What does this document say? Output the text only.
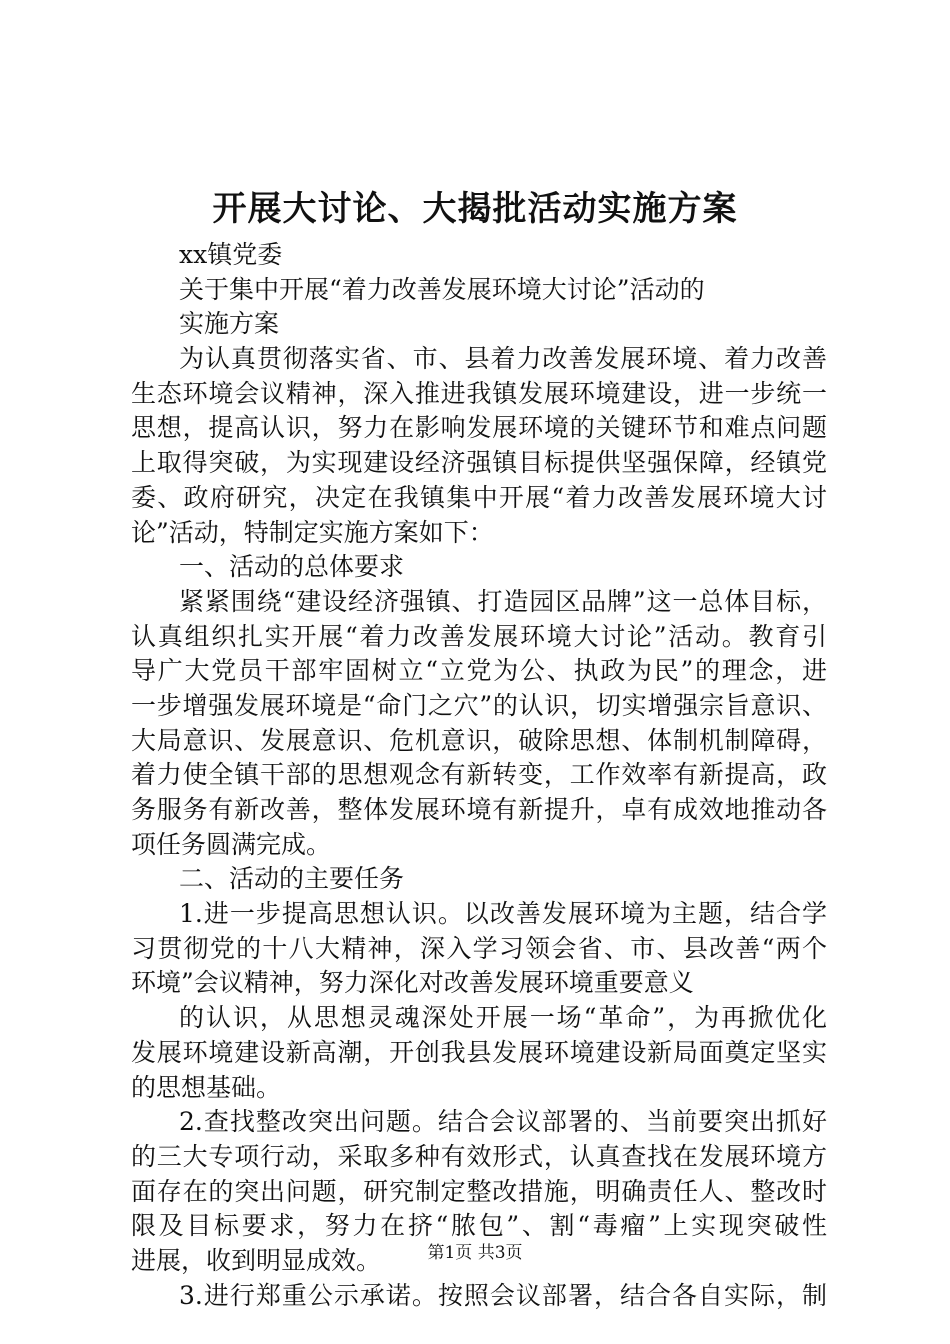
开展大讨论、大揭批活动实施方案
xx镇党委
关于集中开展“着力改善发展环境大讨论”活动的
实施方案
为认真贯彻落实省、市、县着力改善发展环境、着力改善
生态环境会议精神，深入推进我镇发展环境建设，进一步统一
思想，提高认识，努力在影响发展环境的关键环节和难点问题
上取得突破，为实现建设经济强镇目标提供坚强保障，经镇党
委、政府研究，决定在我镇集中开展“着力改善发展环境大讨
论”活动，特制定实施方案如下：
一、活动的总体要求
紧紧围绕“建设经济强镇、打造园区品牌”这一总体目标，
认真组织扎实开展“着力改善发展环境大讨论”活动。教育引
导广大党员干部牢固树立“立党为公、执政为民”的理念，进
一步增强发展环境是“命门之穴”的认识，切实增强宗旨意识、
大局意识、发展意识、危机意识，破除思想、体制机制障碍，
着力使全镇干部的思想观念有新转变，工作效率有新提高，政
务服务有新改善，整体发展环境有新提升，卓有成效地推动各
项任务圆满完成。
二、活动的主要任务
1.进一步提高思想认识。以改善发展环境为主题，结合学
习贯彻党的十八大精神，深入学习领会省、市、县改善“两个
环境”会议精神，努力深化对改善发展环境重要意义
的认识，从思想灵魂深处开展一场“革命”，为再掀优化
发展环境建设新高潮，开创我县发展环境建设新局面奠定坚实
的思想基础。
2.查找整改突出问题。结合会议部署的、当前要突出抓好
的三大专项行动，采取多种有效形式，认真查找在发展环境方
面存在的突出问题，研究制定整改措施，明确责任人、整改时
限及目标要求，努力在挤“脓包”、割“毒瘤”上实现突破性
进展，收到明显成效。
3.进行郑重公示承诺。按照会议部署，结合各自实际，制
第1页 共3页
